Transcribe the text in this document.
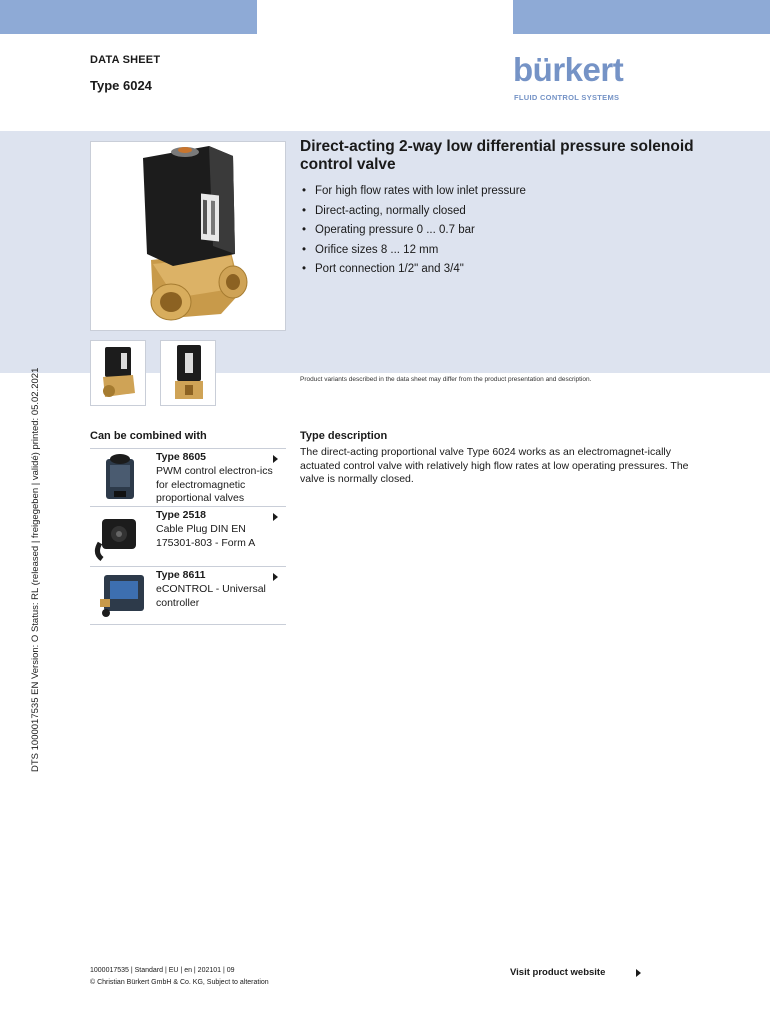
DATA SHEET
Type 6024	bürkert
FLUID CONTROL SYSTEMS
Direct-acting 2-way low differential pressure solenoid control valve
• For high flow rates with low inlet pressure
• Direct-acting, normally closed
• Operating pressure 0 ... 0.7 bar
• Orifice sizes 8 ... 12 mm
• Port connection 1/2" and 3/4"
Product variants described in the data sheet may differ from the product presentation and description.
DTS 1000017535 EN Version: O Status: RL (released | freigegeben | validé) printed: 05.02.2021	Can be combined with
Type 8605
PWM control electron-ics for electromagnetic proportional valves
Type 2518
Cable Plug DIN EN 175301-803 - Form A
Type 8611
eCONTROL - Universal controller
Type description
The direct-acting proportional valve Type 6024 works as an electromagnet-ically actuated control valve with relatively high flow rates at low operating pressures. The valve is normally closed.
1000017535 | Standard | EU | en | 202101 | 09
© Christian Bürkert GmbH & Co. KG, Subject to alteration
Visit product website
